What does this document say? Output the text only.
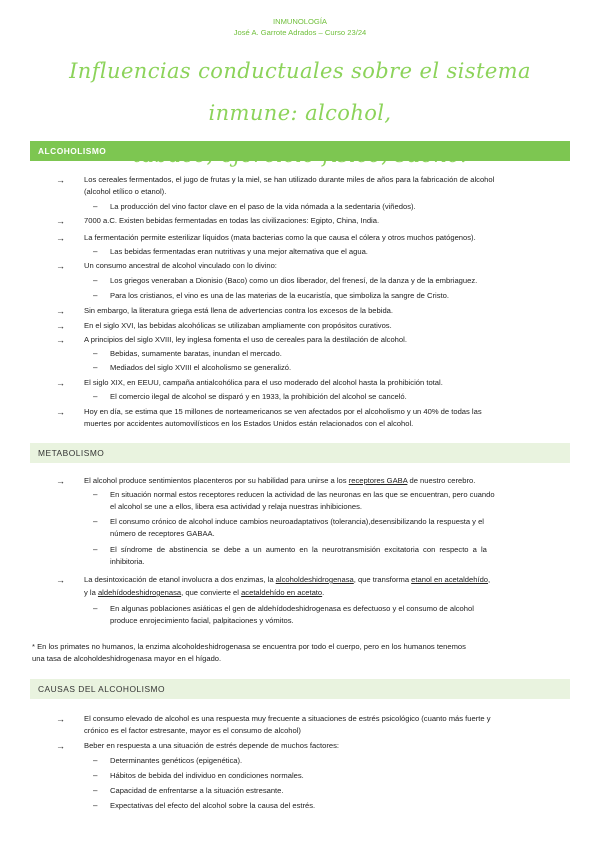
INMUNOLOGÍA
José A. Garrote Adrados – Curso 23/24
Influencias conductuales sobre el sistema inmune: alcohol,
ALCOHOLISMO
→	Los cereales fermentados, el jugo de frutas y la miel, se han utilizado durante miles de años para la fabricación de alcohol
(alcohol etílico o etanol).
– La producción del vino factor clave en el paso de la vida nómada a la sedentaria (viñedos).
→	7000 a.C. Existen bebidas fermentadas en todas las civilizaciones: Egipto, China, India.
→	La fermentación permite esterilizar líquidos (mata bacterias como la que causa el cólera y otros muchos patógenos).
– Las bebidas fermentadas eran nutritivas y una mejor alternativa que el agua.
→	Un consumo ancestral de alcohol vinculado con lo divino:
– Los griegos veneraban a Dionisio (Baco) como un dios liberador, del frenesí, de la danza y de la embriaguez.
– Para los cristianos, el vino es una de las materias de la eucaristía, que simboliza la sangre de Cristo.
→	Sin embargo, la literatura griega está llena de advertencias contra los excesos de la bebida.
→	En el siglo XVI, las bebidas alcohólicas se utilizaban ampliamente con propósitos curativos.
→	A principios del siglo XVIII, ley inglesa fomenta el uso de cereales para la destilación de alcohol.
– Bebidas, sumamente baratas, inundan el mercado.
– Mediados del siglo XVIII el alcoholismo se generalizó.
→	El siglo XIX, en EEUU, campaña antialcohólica para el uso moderado del alcohol hasta la prohibición total.
– El comercio ilegal de alcohol se disparó y en 1933, la prohibición del alcohol se canceló.
→	Hoy en día, se estima que 15 millones de norteamericanos se ven afectados por el alcoholismo y un 40% de todas las
muertes por accidentes automovilísticos en los Estados Unidos están relacionados con el alcohol.
METABOLISMO
→	El alcohol produce sentimientos placenteros por su habilidad para unirse a los receptores GABA de nuestro cerebro.
– En situación normal estos receptores reducen la actividad de las neuronas en las que se encuentran, pero cuando
el alcohol se une a ellos, libera esa actividad y relaja nuestras inhibiciones.
– El consumo crónico de alcohol induce cambios neuroadaptativos (tolerancia),desensibilizando la respuesta y el
número de receptores GABAA.
– El síndrome de abstinencia se debe a un aumento en la neurotransmisión excitatoria con respecto a la
inhibitoria.
→	La desintoxicación de etanol involucra a dos enzimas, la alcoholdeshidrogenasa, que transforma etanol en acetaldehído,
y la aldehídodeshidrogenasa, que convierte el acetaldehído en acetato.
– En algunas poblaciones asiáticas el gen de aldehídodeshidrogenasa es defectuoso y el consumo de alcohol
produce enrojecimiento facial, palpitaciones y vómitos.
* En los primates no humanos, la enzima alcoholdeshidrogenasa se encuentra por todo el cuerpo, pero en los humanos tenemos
una tasa de alcoholdeshidrogenasa mayor en el hígado.
CAUSAS DEL ALCOHOLISMO
→	El consumo elevado de alcohol es una respuesta muy frecuente a situaciones de estrés psicológico (cuanto más fuerte y
crónico es el factor estresante, mayor es el consumo de alcohol)
→	Beber en respuesta a una situación de estrés depende de muchos factores:
– Determinantes genéticos (epigenética).
– Hábitos de bebida del individuo en condiciones normales.
– Capacidad de enfrentarse a la situación estresante.
– Expectativas del efecto del alcohol sobre la causa del estrés.
